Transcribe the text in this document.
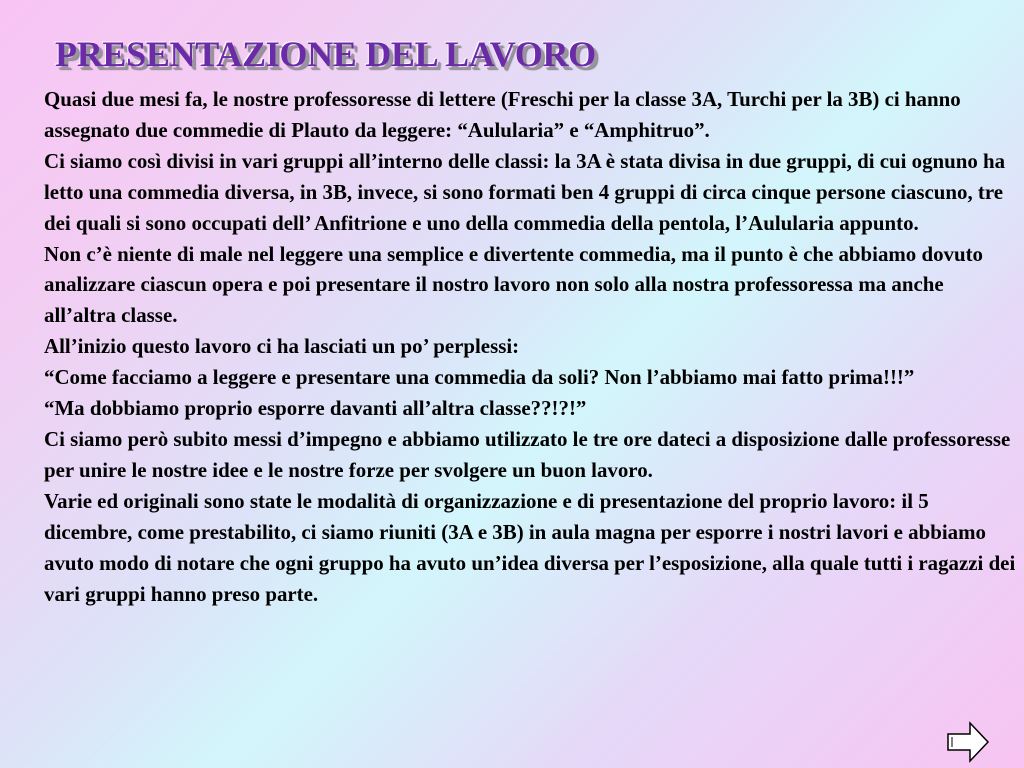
PRESENTAZIONE DEL LAVORO

Quasi due mesi fa, le nostre professoresse di lettere (Freschi per la classe 3A, Turchi per la 3B) ci hanno assegnato due commedie di Plauto da leggere: “Aulularia” e “Amphitruo”.

Ci siamo così divisi in vari gruppi all’interno delle classi: la 3A è stata divisa in due gruppi, di cui ognuno ha letto una commedia diversa, in 3B, invece, si sono formati ben 4 gruppi di circa cinque persone ciascuno, tre dei quali si sono occupati dell’ Anfitrione e uno della commedia della pentola, l’Aulularia appunto.

Non c’è niente di male nel leggere una semplice e divertente commedia, ma il punto è che abbiamo dovuto analizzare ciascun opera e poi presentare il nostro lavoro non solo alla nostra professoressa ma anche all’altra classe.

All’inizio questo lavoro ci ha lasciati un po’ perplessi:

“Come facciamo a leggere e presentare una commedia da soli? Non l’abbiamo mai fatto prima!!!”

“Ma dobbiamo proprio esporre davanti all’altra classe??!?!”

Ci siamo però subito messi d’impegno e abbiamo utilizzato le tre ore dateci a disposizione dalle professoresse per unire le nostre idee e le nostre forze per svolgere un buon lavoro.

Varie ed originali sono state le modalità di organizzazione e di presentazione del proprio lavoro: il 5 dicembre, come prestabilito, ci siamo riuniti (3A e 3B) in aula magna per esporre i nostri lavori e abbiamo avuto modo di notare che ogni gruppo ha avuto un’idea diversa per l’esposizione, alla quale tutti i ragazzi dei vari gruppi hanno preso parte.
